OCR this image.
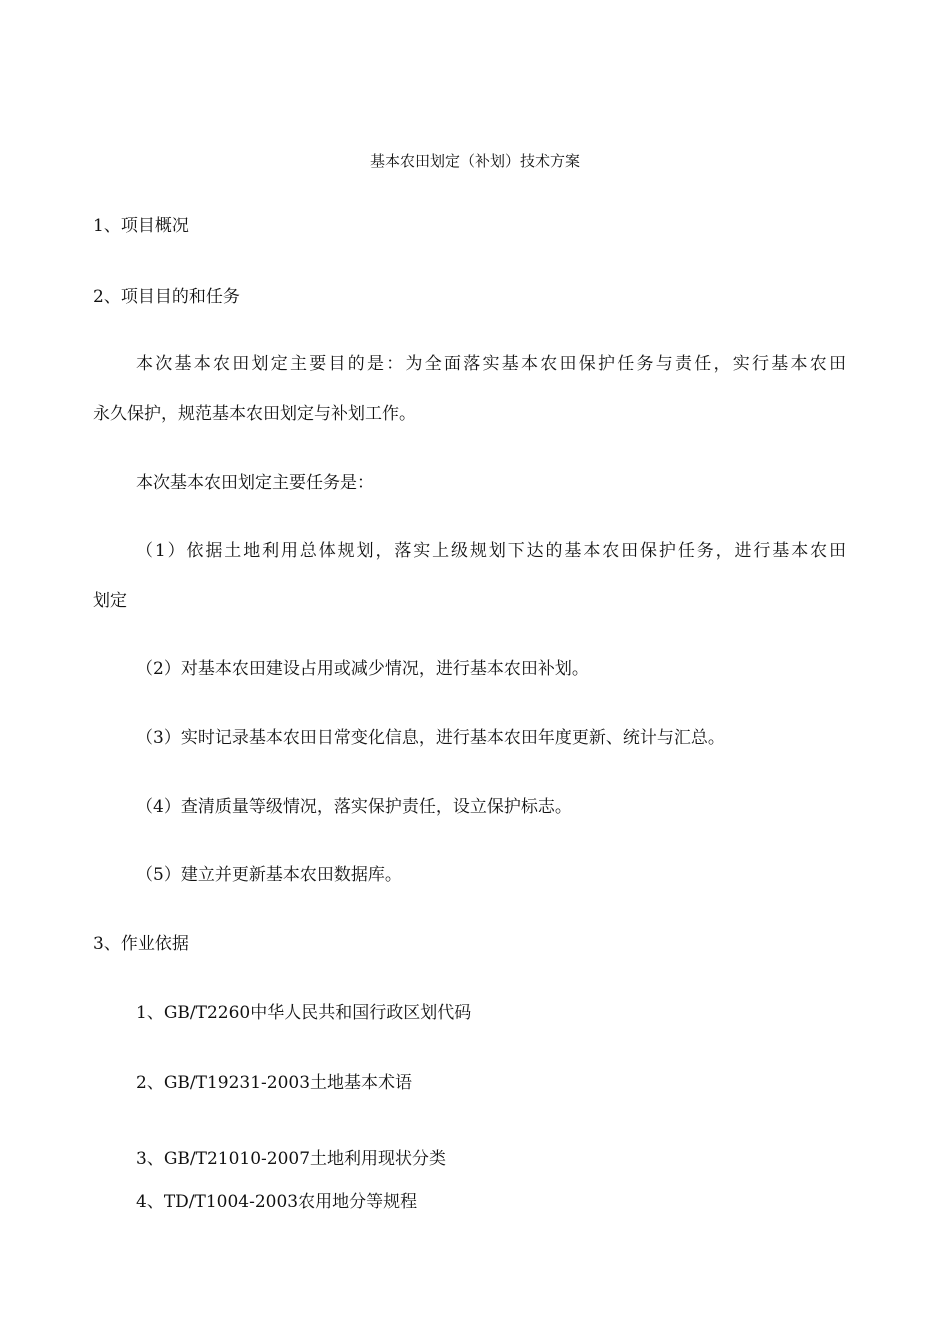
基本农田划定（补划）技术方案
1、项目概况
2、项目目的和任务
本次基本农田划定主要目的是：为全面落实基本农田保护任务与责任，实行基本农田
永久保护，规范基本农田划定与补划工作。
本次基本农田划定主要任务是：
（1）依据土地利用总体规划，落实上级规划下达的基本农田保护任务，进行基本农田
划定
（2）对基本农田建设占用或减少情况，进行基本农田补划。
（3）实时记录基本农田日常变化信息，进行基本农田年度更新、统计与汇总。
（4）查清质量等级情况，落实保护责任，设立保护标志。
（5）建立并更新基本农田数据库。
3、作业依据
1、GB/T2260中华人民共和国行政区划代码
2、GB/T19231-2003土地基本术语
3、GB/T21010-2007土地利用现状分类
4、TD/T1004-2003农用地分等规程
